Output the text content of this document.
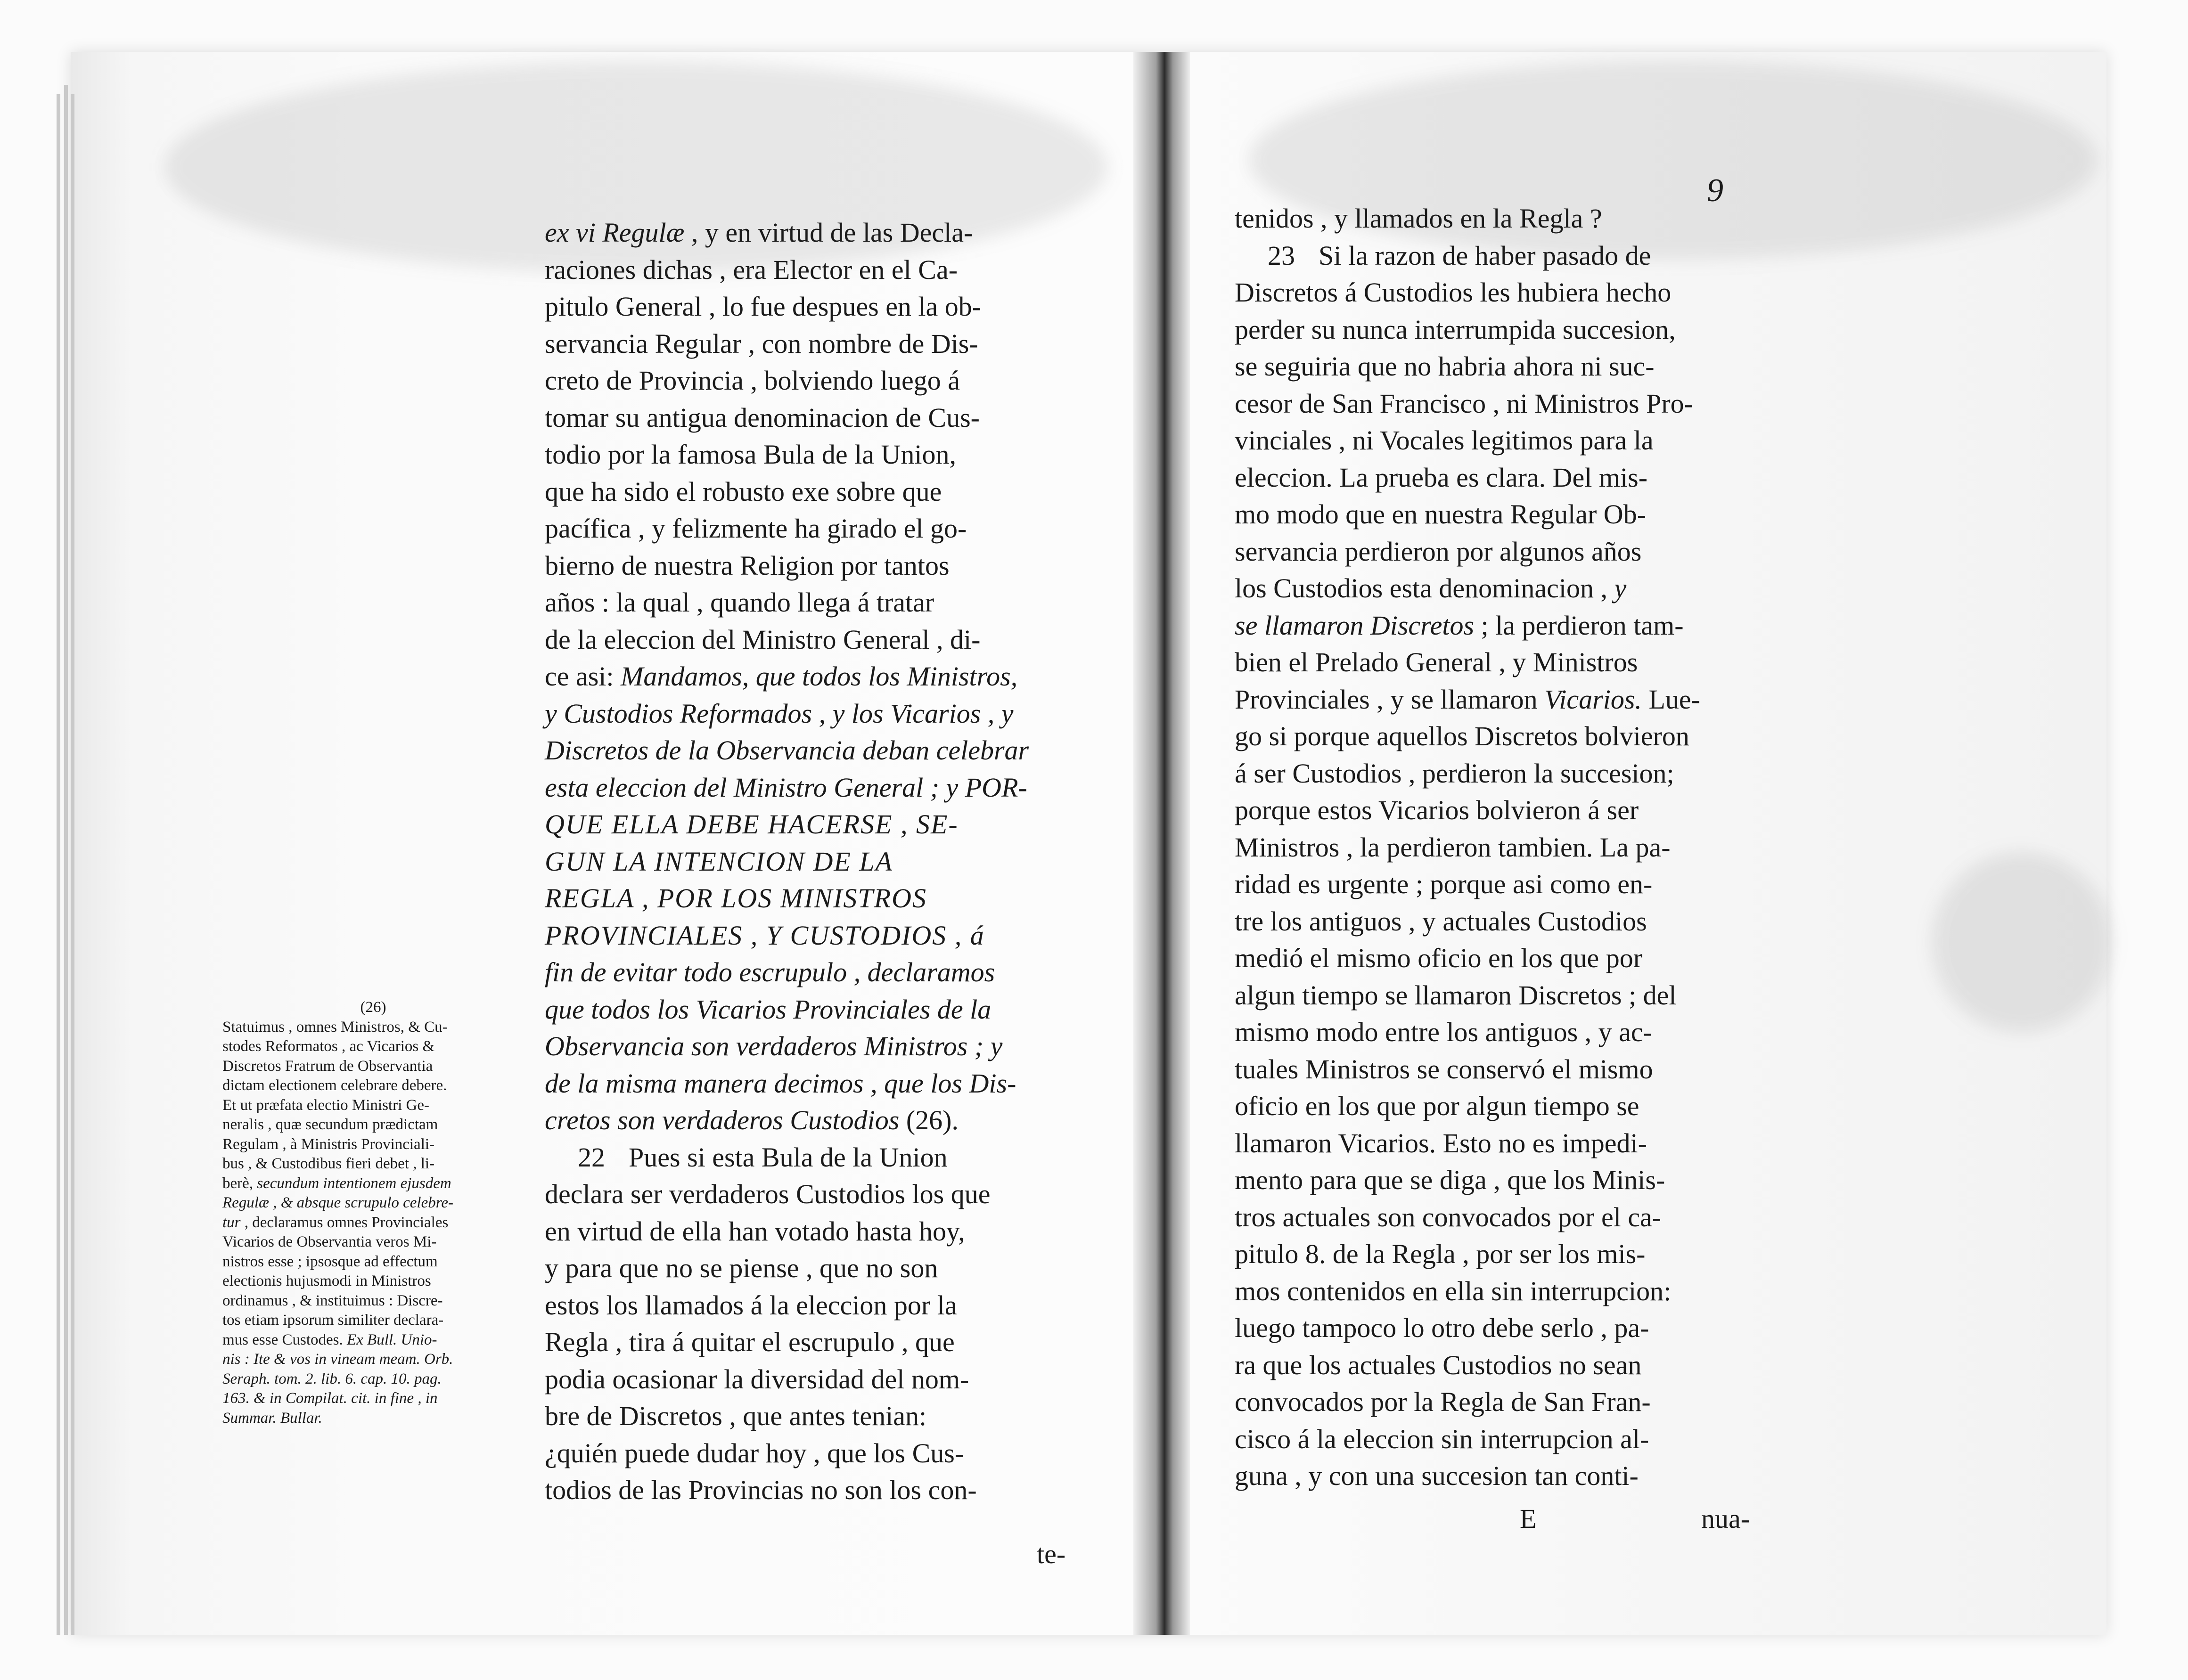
ex vi Regulæ , y en virtud de las Decla-

raciones dichas , era Elector en el Ca-

pitulo General , lo fue despues en la ob-

servancia Regular , con nombre de Dis-

creto de Provincia , bolviendo luego á

tomar su antigua denominacion de Cus-

todio por la famosa Bula de la Union,

que ha sido el robusto exe sobre que

pacífica , y felizmente ha girado el go-

bierno de nuestra Religion por tantos

años : la qual , quando llega á tratar

de la eleccion del Ministro General , di-

ce asi: Mandamos, que todos los Ministros,

y Custodios Reformados , y los Vicarios , y

Discretos de la Observancia deban celebrar

esta eleccion del Ministro General ; y POR-

QUE ELLA DEBE HACERSE , SE-

GUN LA INTENCION DE LA

REGLA , POR LOS MINISTROS

PROVINCIALES , Y CUSTODIOS , á

fin de evitar todo escrupulo , declaramos

que todos los Vicarios Provinciales de la

Observancia son verdaderos Ministros ; y

de la misma manera decimos , que los Dis-

cretos son verdaderos Custodios (26).

22 Pues si esta Bula de la Union

declara ser verdaderos Custodios los que

en virtud de ella han votado hasta hoy,

y para que no se piense , que no son

estos los llamados á la eleccion por la

Regla , tira á quitar el escrupulo , que

podia ocasionar la diversidad del nom-

bre de Discretos , que antes tenian:

¿quién puede dudar hoy , que los Cus-

todios de las Provincias no son los con-

(26)

Statuimus , omnes Ministros, & Cu-

stodes Reformatos , ac Vicarios &

Discretos Fratrum de Observantia

dictam electionem celebrare debere.

Et ut præfata electio Ministri Ge-

neralis , quæ secundum prædictam

Regulam , à Ministris Provinciali-

bus , & Custodibus fieri debet , li-

berè, secundum intentionem ejusdem

Regulæ , & absque scrupulo celebre-

tur , declaramus omnes Provinciales

Vicarios de Observantia veros Mi-

nistros esse ; ipsosque ad effectum

electionis hujusmodi in Ministros

ordinamus , & instituimus : Discre-

tos etiam ipsorum similiter declara-

mus esse Custodes. Ex Bull. Unio-

nis : Ite & vos in vineam meam. Orb.

Seraph. tom. 2. lib. 6. cap. 10. pag.

163. & in Compilat. cit. in fine , in

Summar. Bullar.

te-
9

tenidos , y llamados en la Regla ?

23 Si la razon de haber pasado de

Discretos á Custodios les hubiera hecho

perder su nunca interrumpida succesion,

se seguiria que no habria ahora ni suc-

cesor de San Francisco , ni Ministros Pro-

vinciales , ni Vocales legitimos para la

eleccion. La prueba es clara. Del mis-

mo modo que en nuestra Regular Ob-

servancia perdieron por algunos años

los Custodios esta denominacion , y

se llamaron Discretos ; la perdieron tam-

bien el Prelado General , y Ministros

Provinciales , y se llamaron Vicarios. Lue-

go si porque aquellos Discretos bolvieron

á ser Custodios , perdieron la succesion;

porque estos Vicarios bolvieron á ser

Ministros , la perdieron tambien. La pa-

ridad es urgente ; porque asi como en-

tre los antiguos , y actuales Custodios

medió el mismo oficio en los que por

algun tiempo se llamaron Discretos ; del

mismo modo entre los antiguos , y ac-

tuales Ministros se conservó el mismo

oficio en los que por algun tiempo se

llamaron Vicarios. Esto no es impedi-

mento para que se diga , que los Minis-

tros actuales son convocados por el ca-

pitulo 8. de la Regla , por ser los mis-

mos contenidos en ella sin interrupcion:

luego tampoco lo otro debe serlo , pa-

ra que los actuales Custodios no sean

convocados por la Regla de San Fran-

cisco á la eleccion sin interrupcion al-

guna , y con una succesion tan conti-

E	nua-
